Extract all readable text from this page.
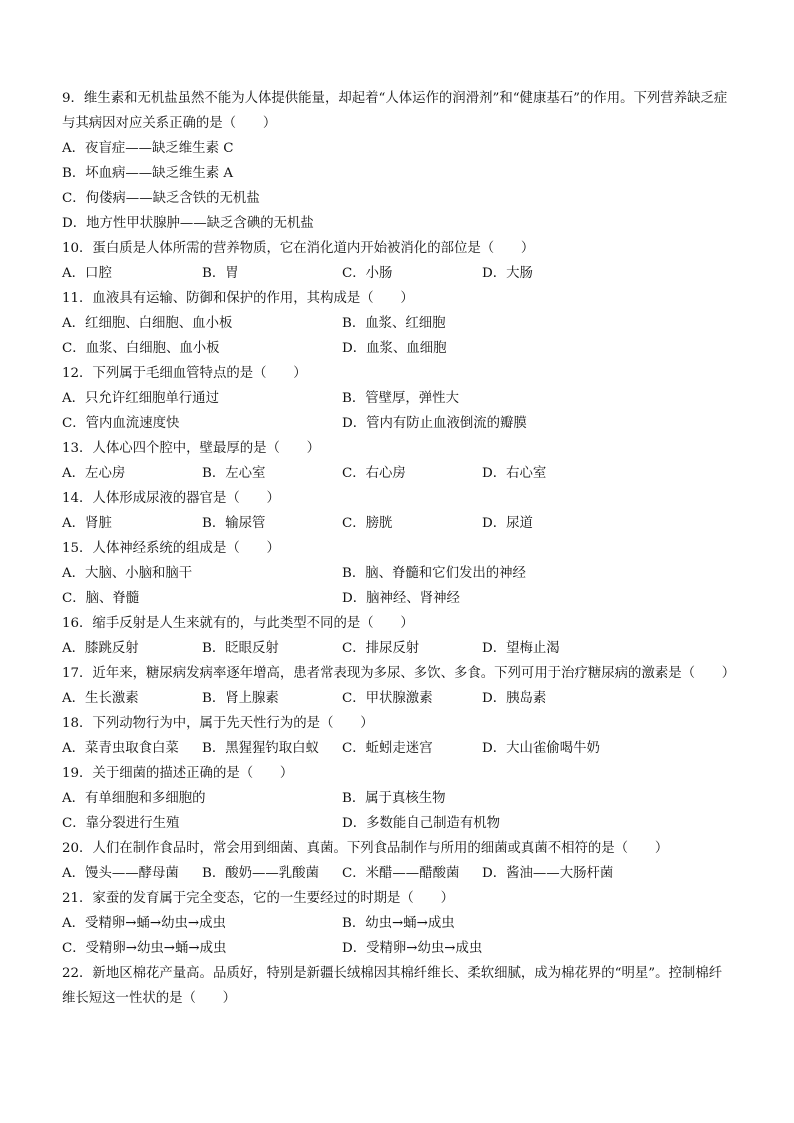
9．维生素和无机盐虽然不能为人体提供能量，却起着“人体运作的润滑剂”和“健康基石”的作用。下列营养缺乏症与其病因对应关系正确的是（　　）
A．夜盲症——缺乏维生素 C
B．坏血病——缺乏维生素 A
C．佝偻病——缺乏含铁的无机盐
D．地方性甲状腺肿——缺乏含碘的无机盐
10．蛋白质是人体所需的营养物质，它在消化道内开始被消化的部位是（　　）
A．口腔	B．胃	C．小肠	D．大肠
11．血液具有运输、防御和保护的作用，其构成是（　　）
A．红细胞、白细胞、血小板	B．血浆、红细胞
C．血浆、白细胞、血小板	D．血浆、血细胞
12．下列属于毛细血管特点的是（　　）
A．只允许红细胞单行通过	B．管壁厚，弹性大
C．管内血流速度快	D．管内有防止血液倒流的瓣膜
13．人体心四个腔中，壁最厚的是（　　）
A．左心房	B．左心室	C．右心房	D．右心室
14．人体形成尿液的器官是（　　）
A．肾脏	B．输尿管	C．膀胱	D．尿道
15．人体神经系统的组成是（　　）
A．大脑、小脑和脑干	B．脑、脊髓和它们发出的神经
C．脑、脊髓	D．脑神经、肾神经
16．缩手反射是人生来就有的，与此类型不同的是（　　）
A．膝跳反射	B．眨眼反射	C．排尿反射	D．望梅止渴
17．近年来，糖尿病发病率逐年增高，患者常表现为多尿、多饮、多食。下列可用于治疗糖尿病的激素是（　　）
A．生长激素	B．肾上腺素	C．甲状腺激素	D．胰岛素
18．下列动物行为中，属于先天性行为的是（　　）
A．菜青虫取食白菜	B．黑猩猩钓取白蚁	C．蚯蚓走迷宫	D．大山雀偷喝牛奶
19．关于细菌的描述正确的是（　　）
A．有单细胞和多细胞的	B．属于真核生物
C．靠分裂进行生殖	D．多数能自己制造有机物
20．人们在制作食品时，常会用到细菌、真菌。下列食品制作与所用的细菌或真菌不相符的是（　　）
A．馒头——酵母菌	B．酸奶——乳酸菌	C．米醋——醋酸菌	D．酱油——大肠杆菌
21．家蚕的发育属于完全变态，它的一生要经过的时期是（　　）
A．受精卵→蛹→幼虫→成虫	B．幼虫→蛹→成虫
C．受精卵→幼虫→蛹→成虫	D．受精卵→幼虫→成虫
22．新地区棉花产量高。品质好，特别是新疆长绒棉因其棉纤维长、柔软细腻，成为棉花界的“明星”。控制棉纤维长短这一性状的是（　　）
